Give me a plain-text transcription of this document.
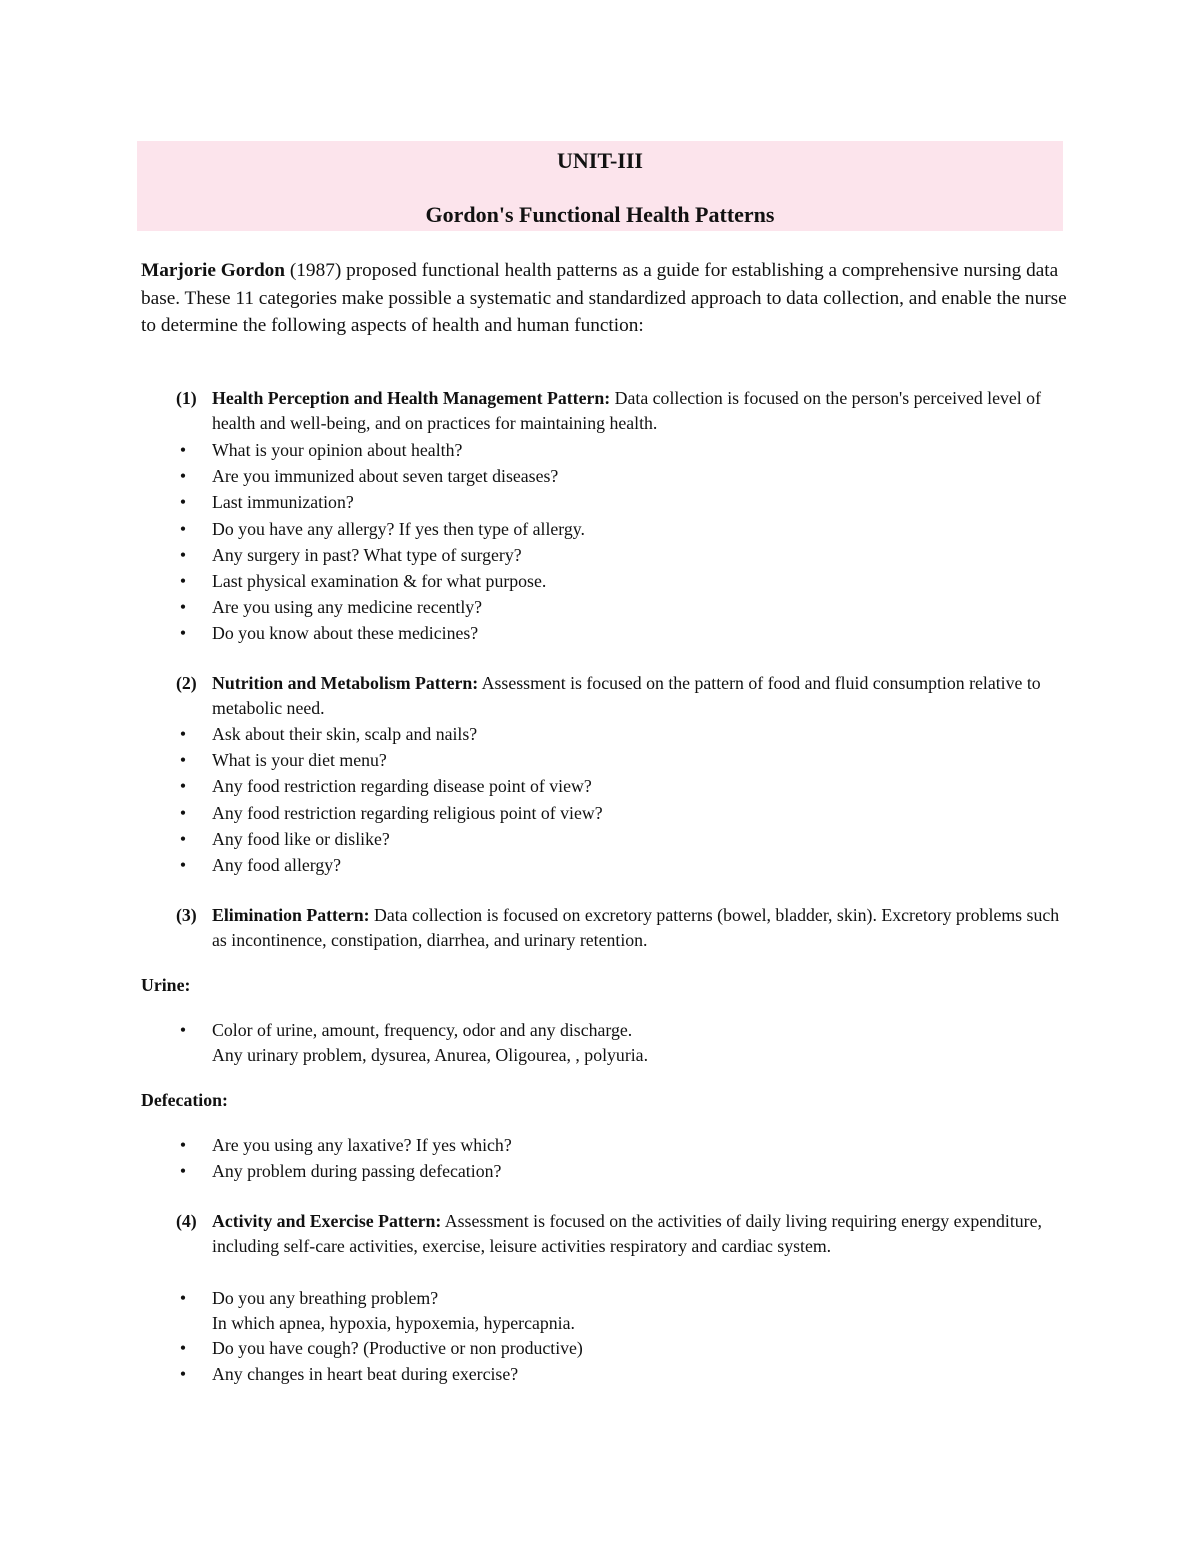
UNIT-III
Gordon's Functional Health Patterns

Marjorie Gordon (1987) proposed functional health patterns as a guide for establishing a comprehensive nursing data base. These 11 categories make possible a systematic and standardized approach to data collection, and enable the nurse to determine the following aspects of health and human function:

(1) Health Perception and Health Management Pattern: Data collection is focused on the person's perceived level of health and well-being, and on practices for maintaining health.
• What is your opinion about health?
• Are you immunized about seven target diseases?
• Last immunization?
• Do you have any allergy? If yes then type of allergy.
• Any surgery in past? What type of surgery?
• Last physical examination & for what purpose.
• Are you using any medicine recently?
• Do you know about these medicines?
(2) Nutrition and Metabolism Pattern: Assessment is focused on the pattern of food and fluid consumption relative to metabolic need.
• Ask about their skin, scalp and nails?
• What is your diet menu?
• Any food restriction regarding disease point of view?
• Any food restriction regarding religious point of view?
• Any food like or dislike?
• Any food allergy?
(3) Elimination Pattern: Data collection is focused on excretory patterns (bowel, bladder, skin). Excretory problems such as incontinence, constipation, diarrhea, and urinary retention.
Urine:
• Color of urine, amount, frequency, odor and any discharge.
Any urinary problem, dysurea, Anurea, Oligourea, , polyuria.
Defecation:
• Are you using any laxative? If yes which?
• Any problem during passing defecation?
(4) Activity and Exercise Pattern: Assessment is focused on the activities of daily living requiring energy expenditure, including self-care activities, exercise, leisure activities respiratory and cardiac system.
• Do you any breathing problem?
In which apnea, hypoxia, hypoxemia, hypercapnia.
• Do you have cough? (Productive or non productive)
• Any changes in heart beat during exercise?
